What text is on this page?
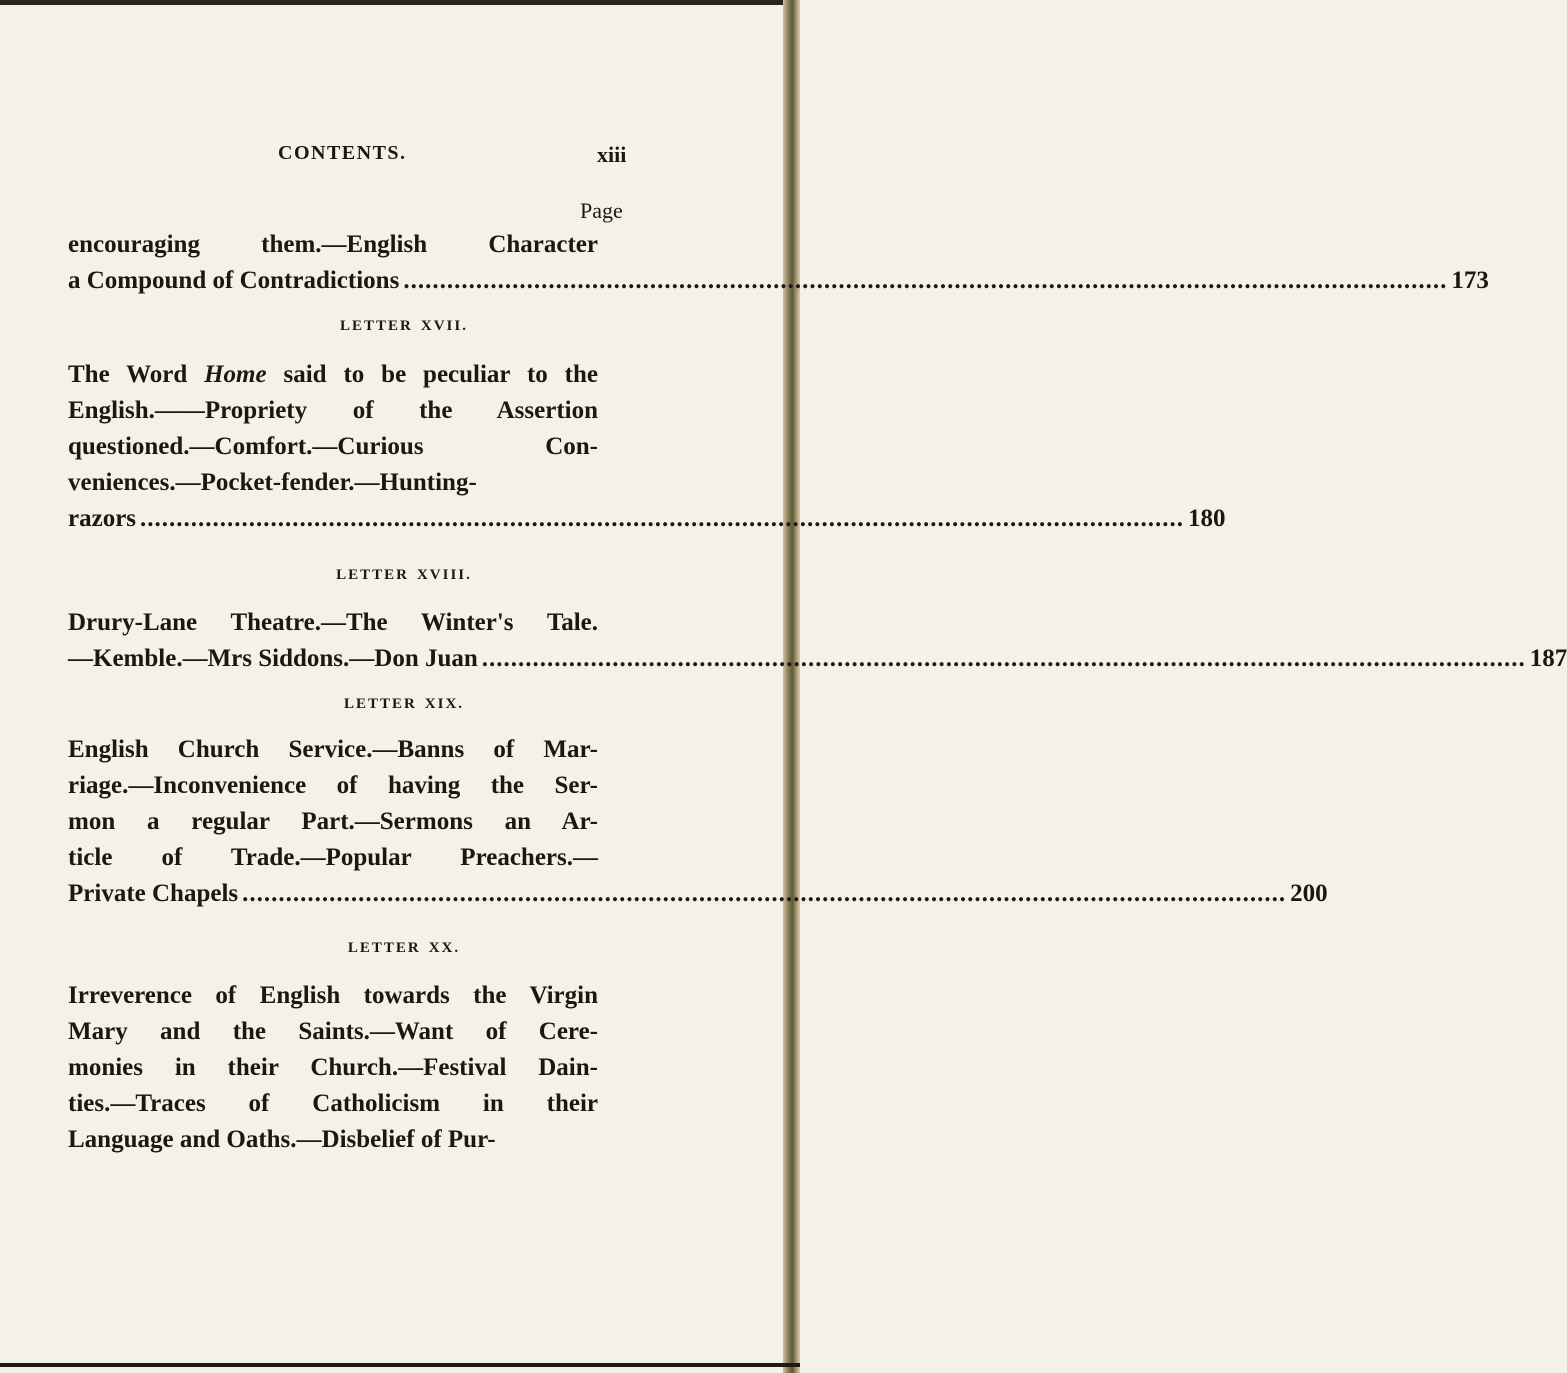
CONTENTS.	xiii
Page
encouraging them.—English Character
a Compound of Contradictions ................................................................................................................................................ 173
LETTER XVII.
The Word Home said to be peculiar to the
English.——Propriety of the Assertion
questioned.—Comfort.—Curious Con-
veniences.—Pocket-fender.—Hunting-
razors ................................................................................................................................................ 180
LETTER XVIII.
Drury-Lane Theatre.—The Winter's Tale.
—Kemble.—Mrs Siddons.—Don Juan ................................................................................................................................................ 187
LETTER XIX.
English Church Service.—Banns of Mar-
riage.—Inconvenience of having the Ser-
mon a regular Part.—Sermons an Ar-
ticle of Trade.—Popular Preachers.—
Private Chapels ................................................................................................................................................ 200
LETTER XX.
Irreverence of English towards the Virgin
Mary and the Saints.—Want of Cere-
monies in their Church.—Festival Dain-
ties.—Traces of Catholicism in their
Language and Oaths.—Disbelief of Pur-
